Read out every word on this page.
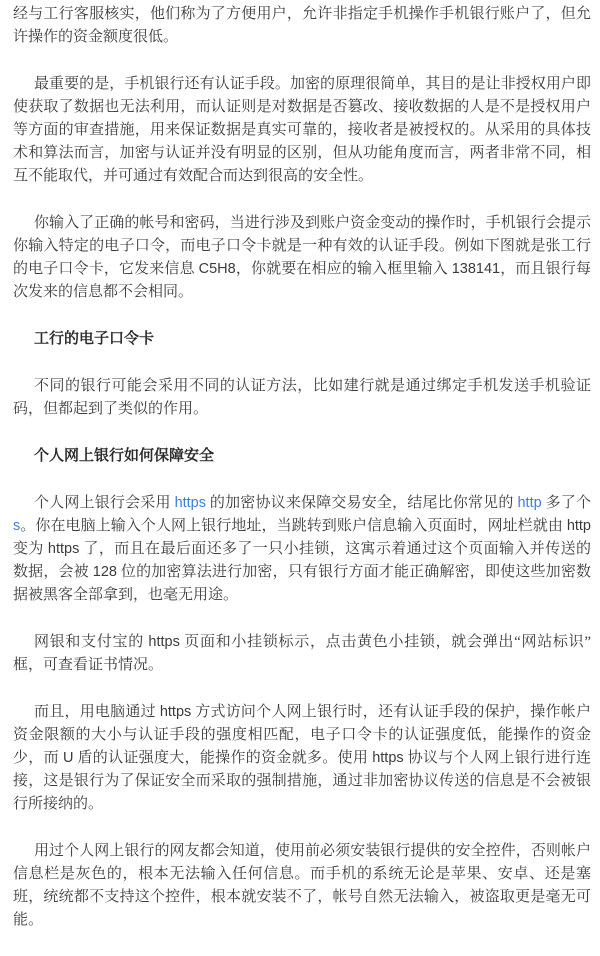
经与工行客服核实，他们称为了方便用户，允许非指定手机操作手机银行账户了，但允许操作的资金额度很低。

最重要的是，手机银行还有认证手段。加密的原理很简单，其目的是让非授权用户即使获取了数据也无法利用，而认证则是对数据是否篡改、接收数据的人是不是授权用户等方面的审查措施，用来保证数据是真实可靠的，接收者是被授权的。从采用的具体技术和算法而言，加密与认证并没有明显的区别，但从功能角度而言，两者非常不同，相互不能取代，并可通过有效配合而达到很高的安全性。

你输入了正确的帐号和密码，当进行涉及到账户资金变动的操作时，手机银行会提示你输入特定的电子口令，而电子口令卡就是一种有效的认证手段。例如下图就是张工行的电子口令卡，它发来信息 C5H8，你就要在相应的输入框里输入 138141，而且银行每次发来的信息都不会相同。

工行的电子口令卡

不同的银行可能会采用不同的认证方法，比如建行就是通过绑定手机发送手机验证码，但都起到了类似的作用。

个人网上银行如何保障安全

个人网上银行会采用 https 的加密协议来保障交易安全，结尾比你常见的 http 多了个 s。你在电脑上输入个人网上银行地址，当跳转到账户信息输入页面时，网址栏就由 http 变为 https 了，而且在最后面还多了一只小挂锁，这寓示着通过这个页面输入并传送的数据，会被 128 位的加密算法进行加密，只有银行方面才能正确解密，即使这些加密数据被黑客全部拿到，也毫无用途。

网银和支付宝的 https 页面和小挂锁标示，点击黄色小挂锁，就会弹出“网站标识”框，可查看证书情况。

而且，用电脑通过 https 方式访问个人网上银行时，还有认证手段的保护，操作帐户资金限额的大小与认证手段的强度相匹配，电子口令卡的认证强度低，能操作的资金少，而 U 盾的认证强度大，能操作的资金就多。使用 https 协议与个人网上银行进行连接，这是银行为了保证安全而采取的强制措施，通过非加密协议传送的信息是不会被银行所接纳的。

用过个人网上银行的网友都会知道，使用前必须安装银行提供的安全控件，否则帐户信息栏是灰色的，根本无法输入任何信息。而手机的系统无论是苹果、安卓、还是塞班，统统都不支持这个控件，根本就安装不了，帐号自然无法输入，被盗取更是毫无可能。
